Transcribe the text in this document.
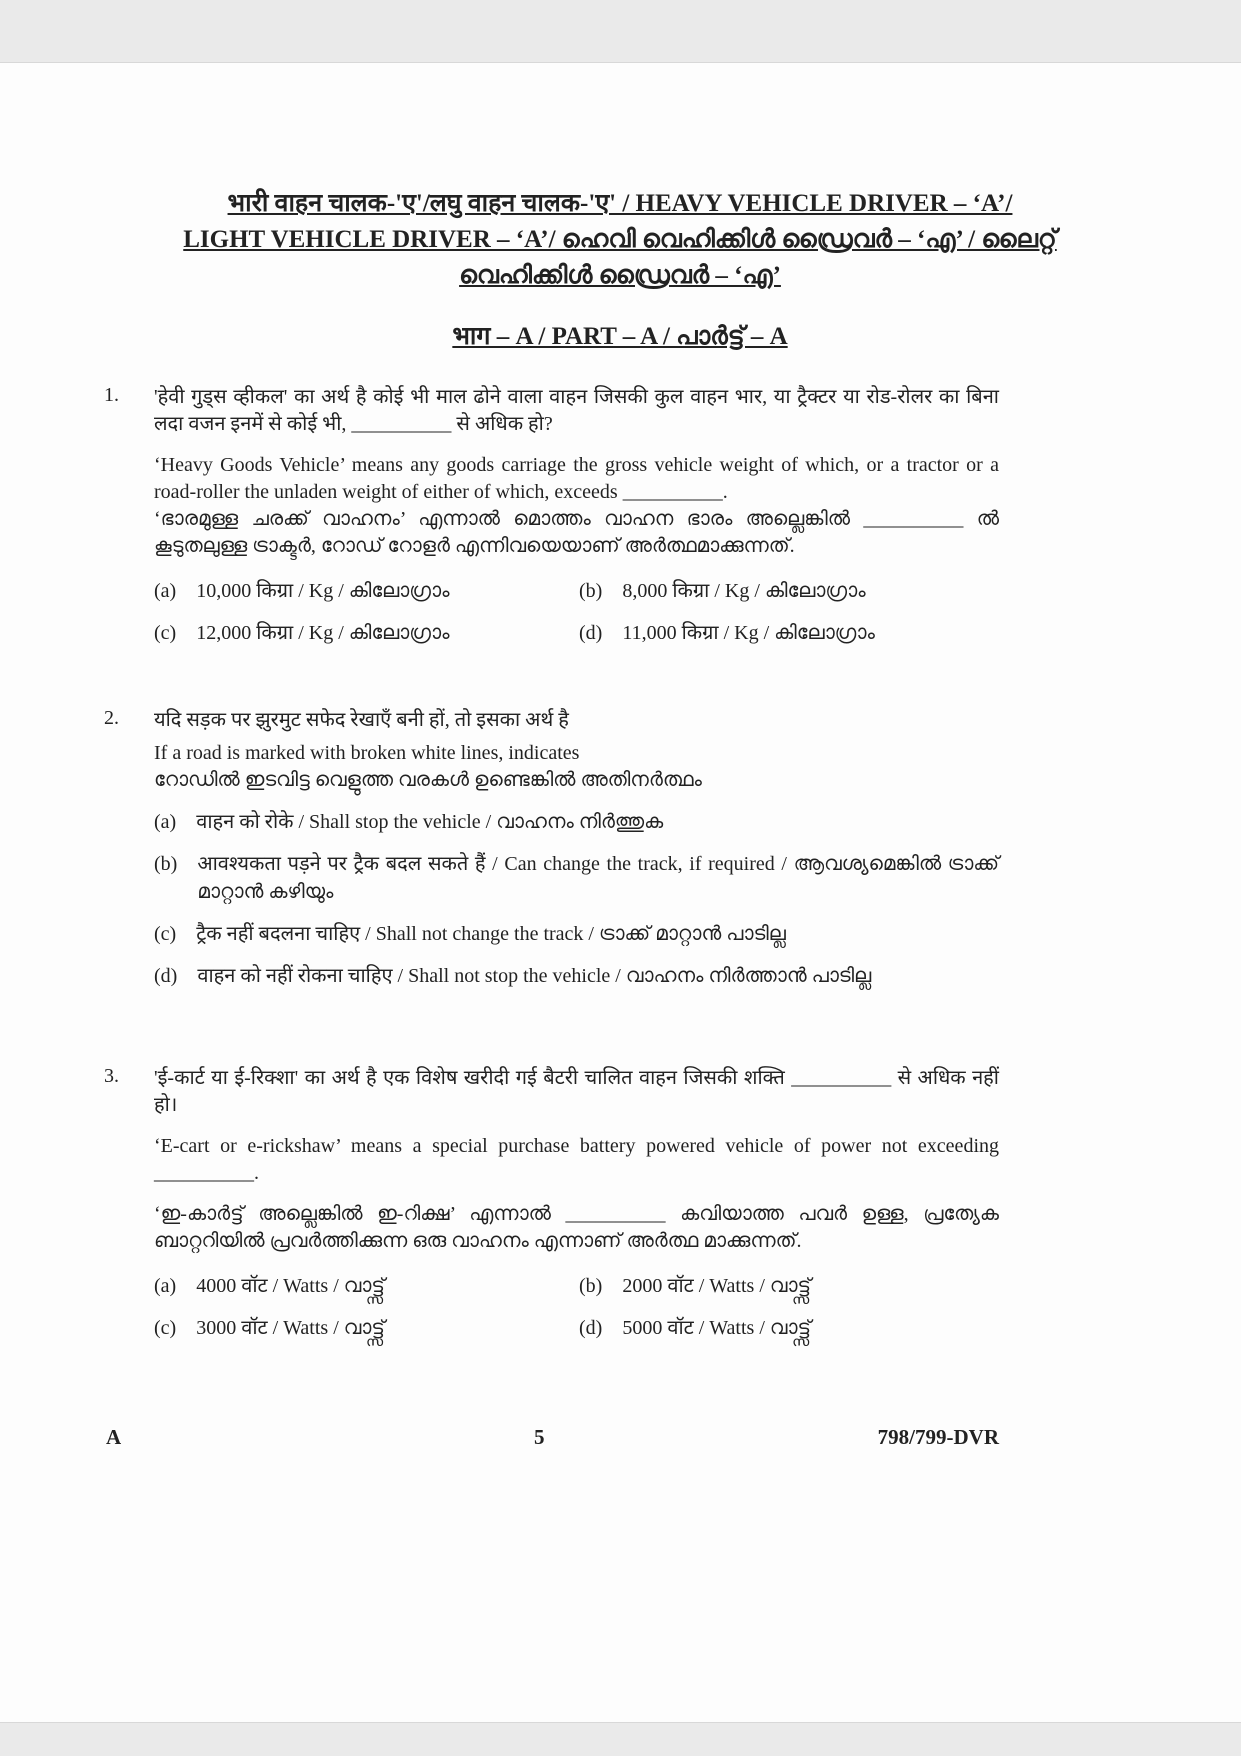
भारी वाहन चालक-'ए'/लघु वाहन चालक-'ए' / HEAVY VEHICLE DRIVER – ‘A’/
LIGHT VEHICLE DRIVER – ‘A’/ ഹെവി വെഹിക്കിൾ ഡ്രൈവർ – ‘എ’ / ലൈറ്റ്
വെഹിക്കിൾ ഡ്രൈവർ – ‘എ’
भाग – A / PART – A / പാർട്ട് – A
1. 'हेवी गुड्स व्हीकल' का अर्थ है कोई भी माल ढोने वाला वाहन जिसकी कुल वाहन भार, या ट्रैक्टर या रोड-रोलर का बिना लदा वजन इनमें से कोई भी, __________ से अधिक हो?

‘Heavy Goods Vehicle’ means any goods carriage the gross vehicle weight of which, or a tractor or a road-roller the unladen weight of either of which, exceeds __________.

‘ഭാരമുള്ള ചരക്ക് വാഹനം’ എന്നാൽ മൊത്തം വാഹന ഭാരം അല്ലെങ്കിൽ __________ ൽ കൂടുതലുള്ള ട്രാക്ടർ, റോഡ് റോളർ എന്നിവയെയാണ് അർത്ഥമാക്കുന്നത്.

(a) 10,000 किग्रा / Kg / കിലോഗ്രാം	(b) 8,000 किग्रा / Kg / കിലോഗ്രാം
(c) 12,000 किग्रा / Kg / കിലോഗ്രാം	(d) 11,000 किग्रा / Kg / കിലോഗ്രാം
2. यदि सड़क पर झुरमुट सफेद रेखाएँ बनी हों, तो इसका अर्थ है

If a road is marked with broken white lines, indicates

റോഡിൽ ഇടവിട്ട വെളുത്ത വരകൾ ഉണ്ടെങ്കിൽ അതിനർത്ഥം

(a) वाहन को रोके / Shall stop the vehicle / വാഹനം നിർത്തുക
(b) आवश्यकता पड़ने पर ट्रैक बदल सकते हैं / Can change the track, if required / ആവശ്യമെങ്കിൽ ട്രാക്ക് മാറ്റാൻ കഴിയും
(c) ट्रैक नहीं बदलना चाहिए / Shall not change the track / ട്രാക്ക് മാറ്റാൻ പാടില്ല
(d) वाहन को नहीं रोकना चाहिए / Shall not stop the vehicle / വാഹനം നിർത്താൻ പാടില്ല
3. 'ई-कार्ट या ई-रिक्शा' का अर्थ है एक विशेष खरीदी गई बैटरी चालित वाहन जिसकी शक्ति __________ से अधिक नहीं हो।

‘E-cart or e-rickshaw’ means a special purchase battery powered vehicle of power not exceeding __________.

‘ഇ-കാർട്ട് അല്ലെങ്കിൽ ഇ-റിക്ഷ’ എന്നാൽ __________ കവിയാത്ത പവർ ഉള്ള, പ്രത്യേക ബാറ്ററിയിൽ പ്രവർത്തിക്കുന്ന ഒരു വാഹനം എന്നാണ് അർത്ഥ മാക്കുന്നത്.

(a) 4000 वॉट / Watts / വാട്ട്സ്	(b) 2000 वॉट / Watts / വാട്ട്സ്
(c) 3000 वॉट / Watts / വാട്ട്സ്	(d) 5000 वॉट / Watts / വാട്ട്സ്
A	5	798/799-DVR
